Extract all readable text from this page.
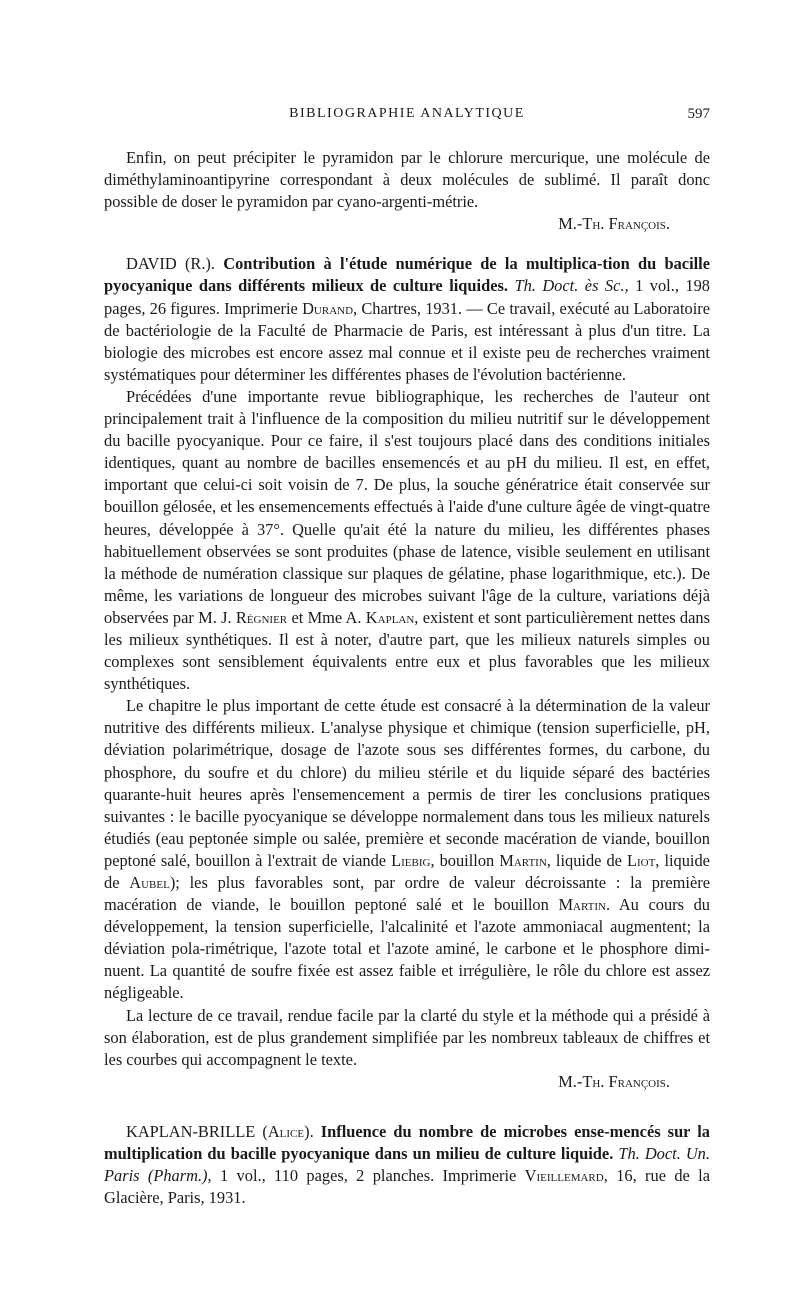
BIBLIOGRAPHIE ANALYTIQUE	597

Enfin, on peut précipiter le pyramidon par le chlorure mercurique, une molécule de diméthylaminoantipyrine correspondant à deux molécules de sublimé. Il paraît donc possible de doser le pyramidon par cyano-argenti-métrie.

M.-Th. François.

DAVID (R.). Contribution à l'étude numérique de la multiplica-tion du bacille pyocyanique dans différents milieux de culture liquides. Th. Doct. ès Sc., 1 vol., 198 pages, 26 figures. Imprimerie Durand, Chartres, 1931. — Ce travail, exécuté au Laboratoire de bactériologie de la Faculté de Pharmacie de Paris, est intéressant à plus d'un titre. La biologie des microbes est encore assez mal connue et il existe peu de recherches vraiment systématiques pour déterminer les différentes phases de l'évolution bactérienne.

Précédées d'une importante revue bibliographique, les recherches de l'auteur ont principalement trait à l'influence de la composition du milieu nutritif sur le développement du bacille pyocyanique. Pour ce faire, il s'est toujours placé dans des conditions initiales identiques, quant au nombre de bacilles ensemencés et au pH du milieu. Il est, en effet, important que celui-ci soit voisin de 7. De plus, la souche génératrice était conservée sur bouillon gélosée, et les ensemencements effectués à l'aide d'une culture âgée de vingt-quatre heures, développée à 37°. Quelle qu'ait été la nature du milieu, les différentes phases habituellement observées se sont produites (phase de latence, visible seulement en utilisant la méthode de numération classique sur plaques de gélatine, phase logarithmique, etc.). De même, les variations de longueur des microbes suivant l'âge de la culture, variations déjà observées par M. J. Régnier et Mme A. Kaplan, existent et sont particulièrement nettes dans les milieux synthétiques. Il est à noter, d'autre part, que les milieux naturels simples ou complexes sont sensiblement équivalents entre eux et plus favorables que les milieux synthétiques.

Le chapitre le plus important de cette étude est consacré à la détermination de la valeur nutritive des différents milieux. L'analyse physique et chimique (tension superficielle, pH, déviation polarimétrique, dosage de l'azote sous ses différentes formes, du carbone, du phosphore, du soufre et du chlore) du milieu stérile et du liquide séparé des bactéries quarante-huit heures après l'ensemencement a permis de tirer les conclusions pratiques suivantes : le bacille pyocyanique se développe normalement dans tous les milieux naturels étudiés (eau peptonée simple ou salée, première et seconde macération de viande, bouillon peptoné salé, bouillon à l'extrait de viande Liebig, bouillon Martin, liquide de Liot, liquide de Aubel); les plus favorables sont, par ordre de valeur décroissante : la première macération de viande, le bouillon peptoné salé et le bouillon Martin. Au cours du développement, la tension superficielle, l'alcalinité et l'azote ammoniacal augmentent; la déviation pola-rimétrique, l'azote total et l'azote aminé, le carbone et le phosphore dimi-nuent. La quantité de soufre fixée est assez faible et irrégulière, le rôle du chlore est assez négligeable.

La lecture de ce travail, rendue facile par la clarté du style et la méthode qui a présidé à son élaboration, est de plus grandement simplifiée par les nombreux tableaux de chiffres et les courbes qui accompagnent le texte.

M.-Th. François.

KAPLAN-BRILLE (Alice). Influence du nombre de microbes ense-mencés sur la multiplication du bacille pyocyanique dans un milieu de culture liquide. Th. Doct. Un. Paris (Pharm.), 1 vol., 110 pages, 2 planches. Imprimerie Vieillemard, 16, rue de la Glacière, Paris, 1931.
